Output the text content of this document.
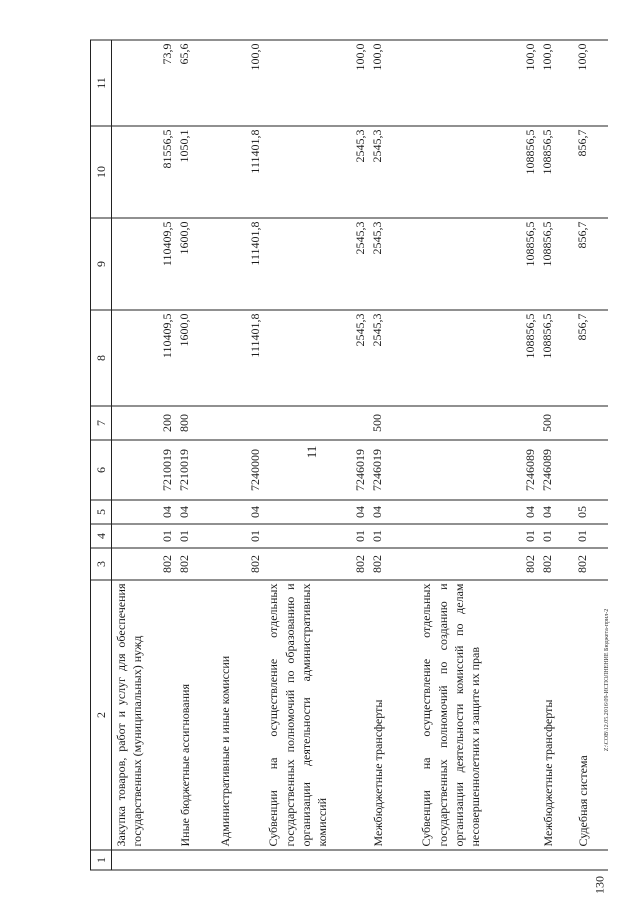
11
130
Z:\СОВ\12.05.2016\09-ИСПОЛНЕНИЕ Бюджета-прил-2
1	2	3	4	5	6	7	8	9	10	11
	Закупка товаров, работ и услуг для обеспечения государственных (муниципальных) нужд	802	01	04	7210019	200	110409,5	110409,5	81556,5	73,9
	Иные бюджетные ассигнования	802	01	04	7210019	800	1600,0	1600,0	1050,1	65,6
	Административные и иные комиссии	802	01	04	7240000		111401,8	111401,8	111401,8	100,0
	Субвенции на осуществление отдельных государственных полномочий по образованию и организации деятельности административных комиссий	802	01	04	7246019		2545,3	2545,3	2545,3	100,0
	Межбюджетные трансферты	802	01	04	7246019	500	2545,3	2545,3	2545,3	100,0
	Субвенции на осуществление отдельных государственных полномочий по созданию и организации деятельности комиссий по делам несовершеннолетних и защите их прав	802	01	04	7246089		108856,5	108856,5	108856,5	100,0
	Межбюджетные трансферты	802	01	04	7246089	500	108856,5	108856,5	108856,5	100,0
	Судебная система	802	01	05			856,7	856,7	856,7	100,0
